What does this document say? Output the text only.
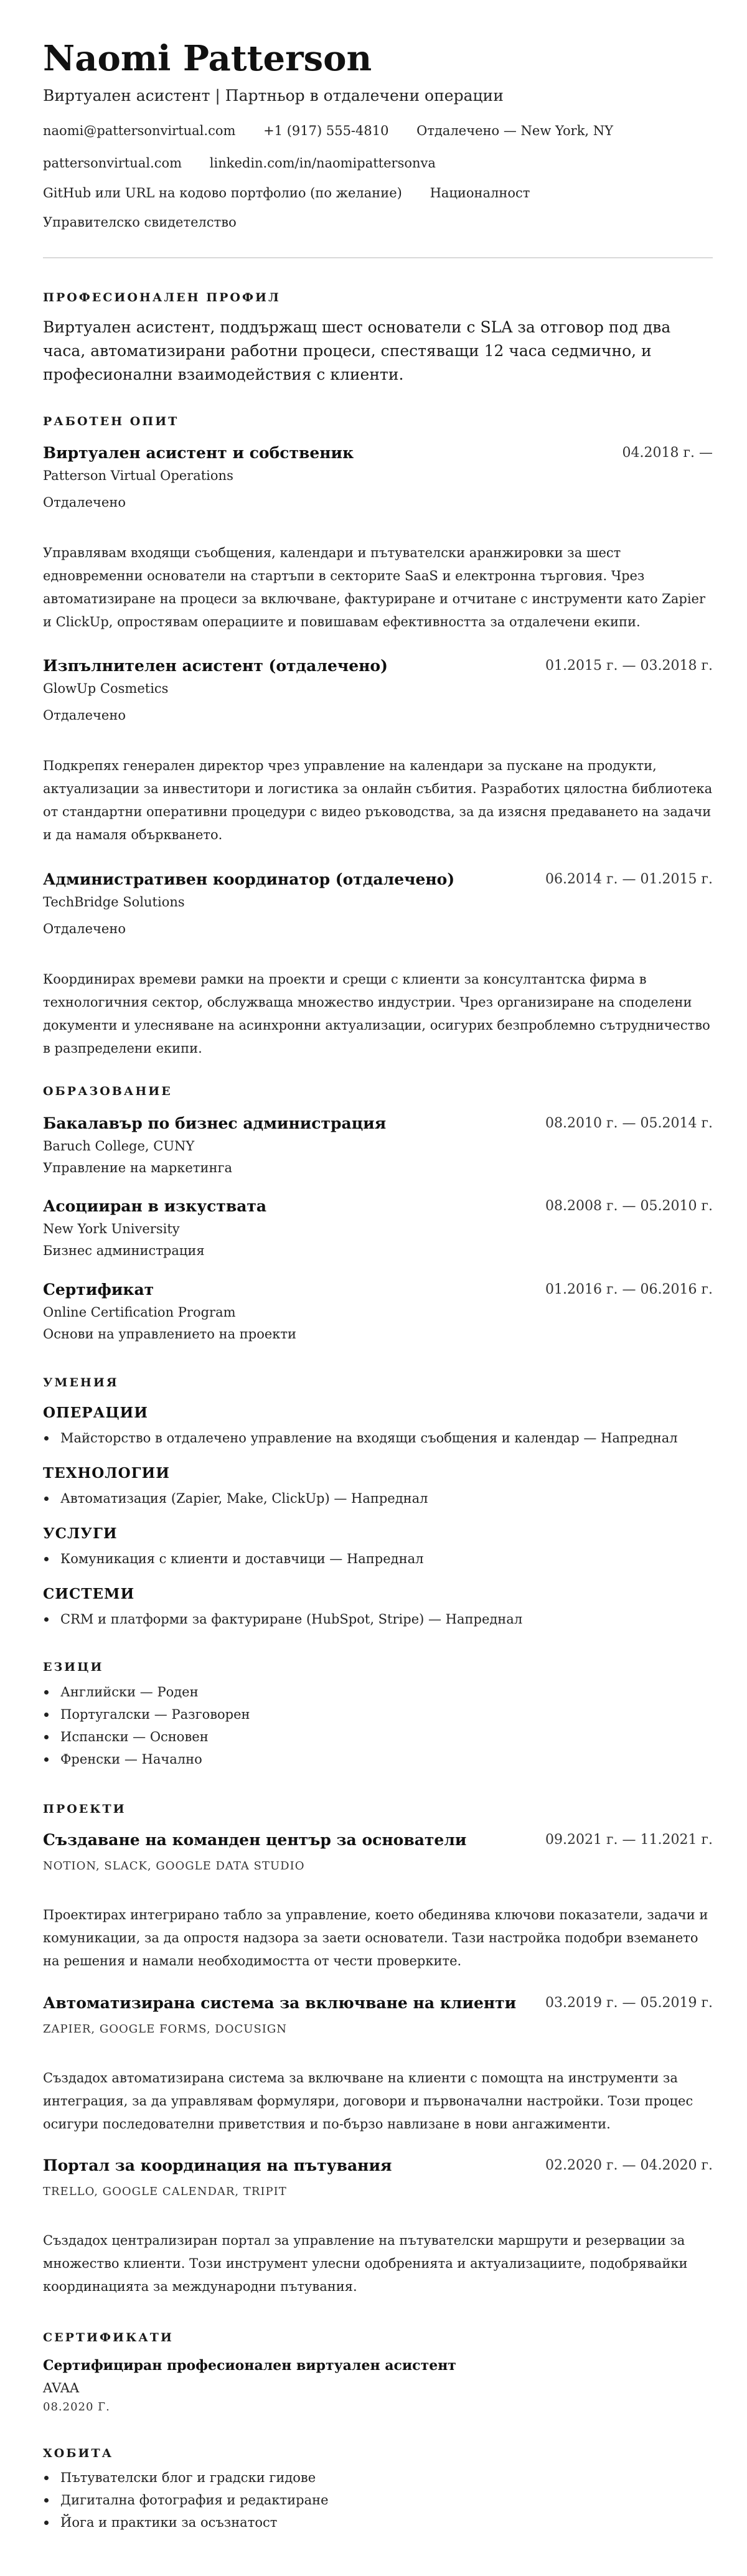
Naomi Patterson
Виртуален асистент | Партньор в отдалечени операции
naomi@pattersonvirtual.com +1 (917) 555-4810 Отдалечено — New York, NY
pattersonvirtual.com linkedin.com/in/naomipattersonva
GitHub или URL на кодово портфолио (по желание) Националност
Управителско свидетелство
ПРОФЕСИОНАЛЕН ПРОФИЛ
Виртуален асистент, поддържащ шест основатели с SLA за отговор под два часа, автоматизирани работни процеси, спестяващи 12 часа седмично, и професионални взаимодействия с клиенти.
РАБОТЕН ОПИТ
Виртуален асистент и собственик	04.2018 г. —
Patterson Virtual Operations
Отдалечено
Управлявам входящи съобщения, календари и пътувателски аранжировки за шест едновременни основатели на стартъпи в секторите SaaS и електронна търговия. Чрез автоматизиране на процеси за включване, фактуриране и отчитане с инструменти като Zapier и ClickUp, опростявам операциите и повишавам ефективността за отдалечени екипи.
Изпълнителен асистент (отдалечено)	01.2015 г. — 03.2018 г.
GlowUp Cosmetics
Отдалечено
Подкрепях генерален директор чрез управление на календари за пускане на продукти, актуализации за инвеститори и логистика за онлайн събития. Разработих цялостна библиотека от стандартни оперативни процедури с видео ръководства, за да изясня предаването на задачи и да намаля объркването.
Административен координатор (отдалечено)	06.2014 г. — 01.2015 г.
TechBridge Solutions
Отдалечено
Координирах времеви рамки на проекти и срещи с клиенти за консултантска фирма в технологичния сектор, обслужваща множество индустрии. Чрез организиране на споделени документи и улесняване на асинхронни актуализации, осигурих безпроблемно сътрудничество в разпределени екипи.
ОБРАЗОВАНИЕ
Бакалавър по бизнес администрация	08.2010 г. — 05.2014 г.
Baruch College, CUNY
Управление на маркетинга
Асоцииран в изкуствата	08.2008 г. — 05.2010 г.
New York University
Бизнес администрация
Сертификат	01.2016 г. — 06.2016 г.
Online Certification Program
Основи на управлението на проекти
УМЕНИЯ
ОПЕРАЦИИ
Майсторство в отдалечено управление на входящи съобщения и календар — Напреднал
ТЕХНОЛОГИИ
Автоматизация (Zapier, Make, ClickUp) — Напреднал
УСЛУГИ
Комуникация с клиенти и доставчици — Напреднал
СИСТЕМИ
CRM и платформи за фактуриране (HubSpot, Stripe) — Напреднал
ЕЗИЦИ
Английски — Роден
Португалски — Разговорен
Испански — Основен
Френски — Начално
ПРОЕКТИ
Създаване на команден център за основатели	09.2021 г. — 11.2021 г.
NOTION, SLACK, GOOGLE DATA STUDIO
Проектирах интегрирано табло за управление, което обединява ключови показатели, задачи и комуникации, за да опростя надзора за заети основатели. Тази настройка подобри вземането на решения и намали необходимостта от чести проверките.
Автоматизирана система за включване на клиенти 03.2019 г. — 05.2019 г.
ZAPIER, GOOGLE FORMS, DOCUSIGN
Създадох автоматизирана система за включване на клиенти с помощта на инструменти за интеграция, за да управлявам формуляри, договори и първоначални настройки. Този процес осигури последователни приветствия и по-бързо навлизане в нови ангажименти.
Портал за координация на пътувания	02.2020 г. — 04.2020 г.
TRELLO, GOOGLE CALENDAR, TRIPIT
Създадох централизиран портал за управление на пътувателски маршрути и резервации за множество клиенти. Този инструмент улесни одобренията и актуализациите, подобрявайки координацията за международни пътувания.
СЕРТИФИКАТИ
Сертифициран професионален виртуален асистент
AVAA
08.2020 Г.
ХОБИТА
Пътувателски блог и градски гидове
Дигитална фотография и редактиране
Йога и практики за осъзнатост
